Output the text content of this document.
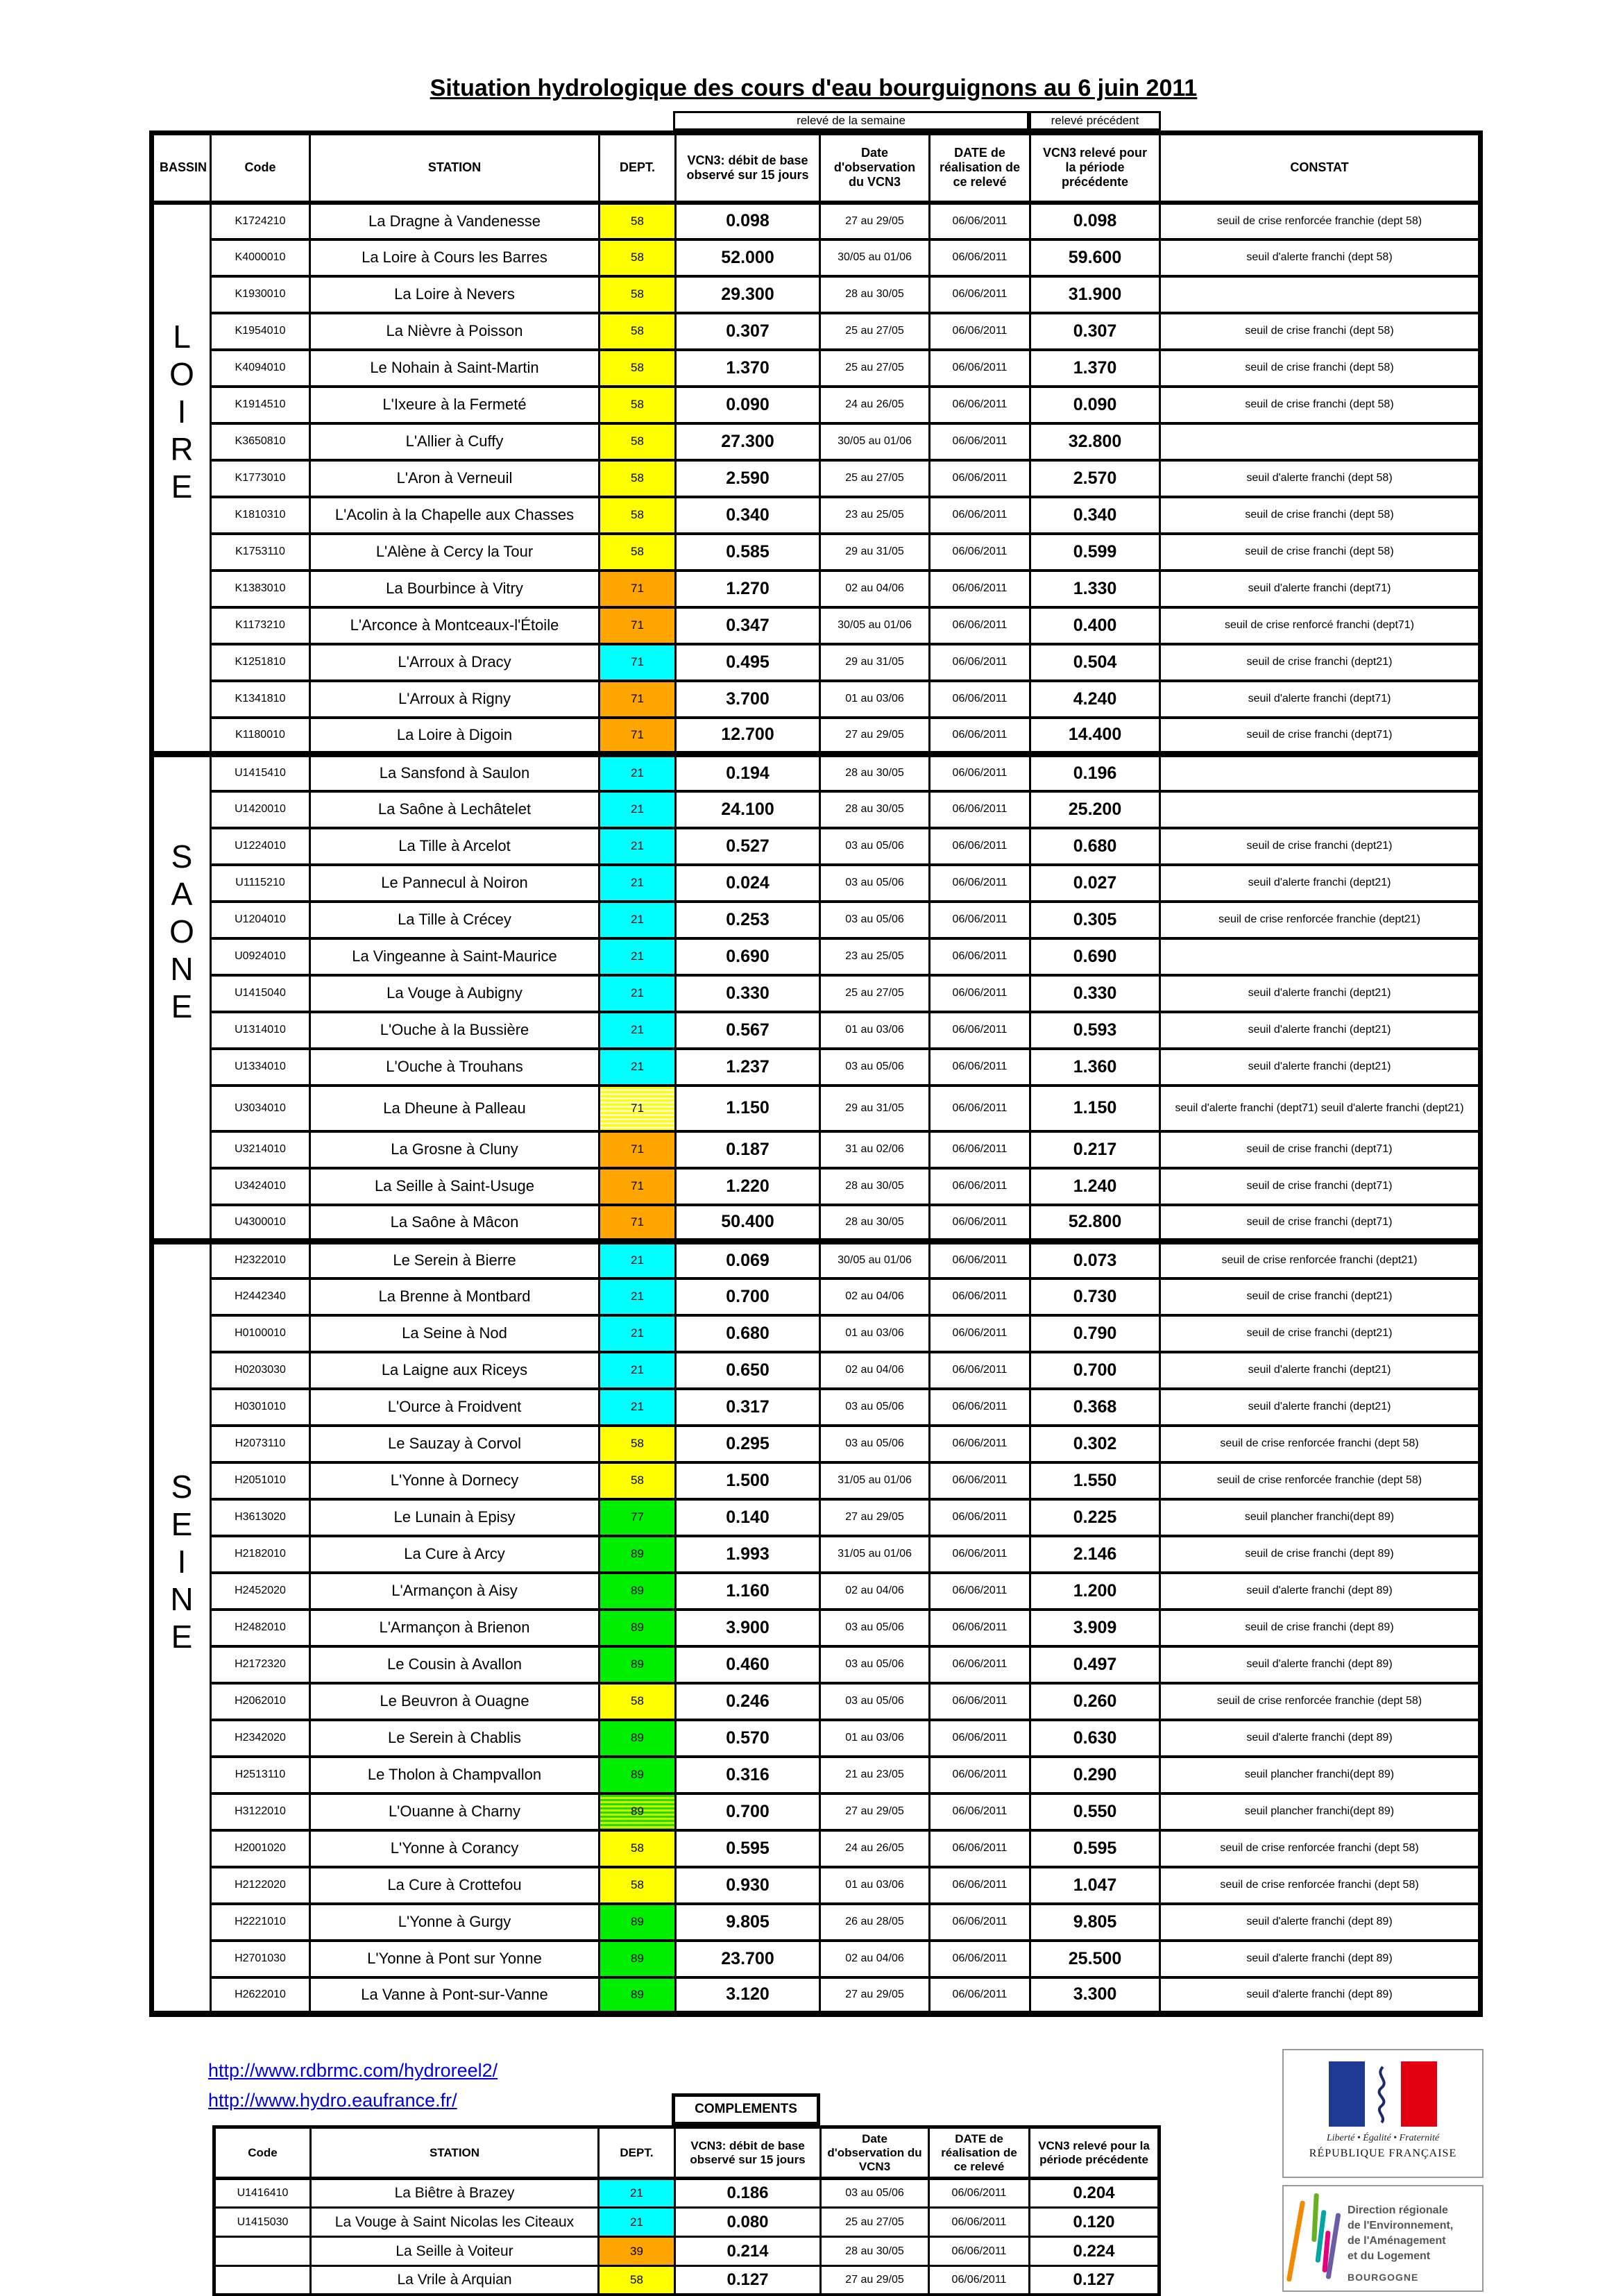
Situation hydrologique des cours d'eau bourguignons au 6 juin 2011
relevé de la semaine	relevé précédent
BASSIN	Code	STATION	DEPT.	VCN3: débit de base observé sur 15 jours	Date d'observation du VCN3	DATE de réalisation de ce relevé	VCN3 relevé pour la période précédente	CONSTAT

L
O
I
R
E	K1724210	La Dragne à Vandenesse	58	0.098	27 au 29/05	06/06/2011	0.098	seuil de crise renforcée franchie (dept 58)
	K4000010	La Loire à Cours les Barres	58	52.000	30/05 au 01/06	06/06/2011	59.600	seuil d'alerte franchi (dept 58)
	K1930010	La Loire à Nevers	58	29.300	28 au 30/05	06/06/2011	31.900	
	K1954010	La Nièvre à Poisson	58	0.307	25 au 27/05	06/06/2011	0.307	seuil de crise franchi (dept 58)
	K4094010	Le Nohain à Saint-Martin	58	1.370	25 au 27/05	06/06/2011	1.370	seuil de crise franchi (dept 58)
	K1914510	L'Ixeure à la Fermeté	58	0.090	24 au 26/05	06/06/2011	0.090	seuil de crise franchi (dept 58)
	K3650810	L'Allier à Cuffy	58	27.300	30/05 au 01/06	06/06/2011	32.800	
	K1773010	L'Aron à Verneuil	58	2.590	25 au 27/05	06/06/2011	2.570	seuil d'alerte franchi (dept 58)
	K1810310	L'Acolin à la Chapelle aux Chasses	58	0.340	23 au 25/05	06/06/2011	0.340	seuil de crise franchi (dept 58)
	K1753110	L'Alène à Cercy la Tour	58	0.585	29 au 31/05	06/06/2011	0.599	seuil de crise franchi (dept 58)
	K1383010	La Bourbince à Vitry	71	1.270	02 au 04/06	06/06/2011	1.330	seuil d'alerte franchi (dept71)
	K1173210	L'Arconce à Montceaux-l'Étoile	71	0.347	30/05 au 01/06	06/06/2011	0.400	seuil de crise renforcé franchi (dept71)
	K1251810	L'Arroux à Dracy	71	0.495	29 au 31/05	06/06/2011	0.504	seuil de crise franchi (dept21)
	K1341810	L'Arroux à Rigny	71	3.700	01 au 03/06	06/06/2011	4.240	seuil d'alerte franchi (dept71)
	K1180010	La Loire à Digoin	71	12.700	27 au 29/05	06/06/2011	14.400	seuil de crise franchi (dept71)

S
A
O
N
E	U1415410	La Sansfond à Saulon	21	0.194	28 au 30/05	06/06/2011	0.196	
	U1420010	La Saône à Lechâtelet	21	24.100	28 au 30/05	06/06/2011	25.200	
	U1224010	La Tille à Arcelot	21	0.527	03 au 05/06	06/06/2011	0.680	seuil de crise franchi (dept21)
	U1115210	Le Pannecul à Noiron	21	0.024	03 au 05/06	06/06/2011	0.027	seuil d'alerte franchi (dept21)
	U1204010	La Tille à Crécey	21	0.253	03 au 05/06	06/06/2011	0.305	seuil de crise renforcée franchie (dept21)
	U0924010	La Vingeanne à Saint-Maurice	21	0.690	23 au 25/05	06/06/2011	0.690	
	U1415040	La Vouge à Aubigny	21	0.330	25 au 27/05	06/06/2011	0.330	seuil d'alerte franchi (dept21)
	U1314010	L'Ouche à la Bussière	21	0.567	01 au 03/06	06/06/2011	0.593	seuil d'alerte franchi (dept21)
	U1334010	L'Ouche à Trouhans	21	1.237	03 au 05/06	06/06/2011	1.360	seuil d'alerte franchi (dept21)
	U3034010	La Dheune à Palleau	71	1.150	29 au 31/05	06/06/2011	1.150	seuil d'alerte franchi (dept71) seuil d'alerte franchi (dept21)
	U3214010	La Grosne à Cluny	71	0.187	31 au 02/06	06/06/2011	0.217	seuil de crise franchi (dept71)
	U3424010	La Seille à Saint-Usuge	71	1.220	28 au 30/05	06/06/2011	1.240	seuil de crise franchi (dept71)
	U4300010	La Saône à Mâcon	71	50.400	28 au 30/05	06/06/2011	52.800	seuil de crise franchi (dept71)

S
E
I
N
E	H2322010	Le Serein à Bierre	21	0.069	30/05 au 01/06	06/06/2011	0.073	seuil de crise renforcée franchi (dept21)
	H2442340	La Brenne à Montbard	21	0.700	02 au 04/06	06/06/2011	0.730	seuil de crise franchi (dept21)
	H0100010	La Seine à Nod	21	0.680	01 au 03/06	06/06/2011	0.790	seuil de crise franchi (dept21)
	H0203030	La Laigne aux Riceys	21	0.650	02 au 04/06	06/06/2011	0.700	seuil d'alerte franchi (dept21)
	H0301010	L'Ource à Froidvent	21	0.317	03 au 05/06	06/06/2011	0.368	seuil d'alerte franchi (dept21)
	H2073110	Le Sauzay à Corvol	58	0.295	03 au 05/06	06/06/2011	0.302	seuil de crise renforcée franchi (dept 58)
	H2051010	L'Yonne à Dornecy	58	1.500	31/05 au 01/06	06/06/2011	1.550	seuil de crise renforcée franchie (dept 58)
	H3613020	Le Lunain à Episy	77	0.140	27 au 29/05	06/06/2011	0.225	seuil plancher franchi(dept 89)
	H2182010	La Cure à Arcy	89	1.993	31/05 au 01/06	06/06/2011	2.146	seuil de crise franchi (dept 89)
	H2452020	L'Armançon à Aisy	89	1.160	02 au 04/06	06/06/2011	1.200	seuil d'alerte franchi (dept 89)
	H2482010	L'Armançon à Brienon	89	3.900	03 au 05/06	06/06/2011	3.909	seuil de crise franchi (dept 89)
	H2172320	Le Cousin à Avallon	89	0.460	03 au 05/06	06/06/2011	0.497	seuil d'alerte franchi (dept 89)
	H2062010	Le Beuvron à Ouagne	58	0.246	03 au 05/06	06/06/2011	0.260	seuil de crise renforcée franchie (dept 58)
	H2342020	Le Serein à Chablis	89	0.570	01 au 03/06	06/06/2011	0.630	seuil d'alerte franchi (dept 89)
	H2513110	Le Tholon à Champvallon	89	0.316	21 au 23/05	06/06/2011	0.290	seuil plancher franchi(dept 89)
	H3122010	L'Ouanne à Charny	89	0.700	27 au 29/05	06/06/2011	0.550	seuil plancher franchi(dept 89)
	H2001020	L'Yonne à Corancy	58	0.595	24 au 26/05	06/06/2011	0.595	seuil de crise renforcée franchi (dept 58)
	H2122020	La Cure à Crottefou	58	0.930	01 au 03/06	06/06/2011	1.047	seuil de crise renforcée franchi (dept 58)
	H2221010	L'Yonne à Gurgy	89	9.805	26 au 28/05	06/06/2011	9.805	seuil d'alerte franchi (dept 89)
	H2701030	L'Yonne à Pont sur Yonne	89	23.700	02 au 04/06	06/06/2011	25.500	seuil d'alerte franchi (dept 89)
	H2622010	La Vanne à Pont-sur-Vanne	89	3.120	27 au 29/05	06/06/2011	3.300	seuil d'alerte franchi (dept 89)
http://www.rdbrmc.com/hydroreel2/
http://www.hydro.eaufrance.fr/	COMPLEMENTS
Code	STATION	DEPT.	VCN3: débit de base observé sur 15 jours	Date d'observation du VCN3	DATE de réalisation de ce relevé	VCN3 relevé pour la période précédente
U1416410	La Biêtre à Brazey	21	0.186	03 au 05/06	06/06/2011	0.204
U1415030	La Vouge à Saint Nicolas les Citeaux	21	0.080	25 au 27/05	06/06/2011	0.120
	La Seille à Voiteur	39	0.214	28 au 30/05	06/06/2011	0.224
	La Vrile à Arquian	58	0.127	27 au 29/05	06/06/2011	0.127
Liberté • Égalité • Fraternité
RÉPUBLIQUE FRANÇAISE
Direction régionale
de l'Environnement,
de l'Aménagement
et du Logement
BOURGOGNE
